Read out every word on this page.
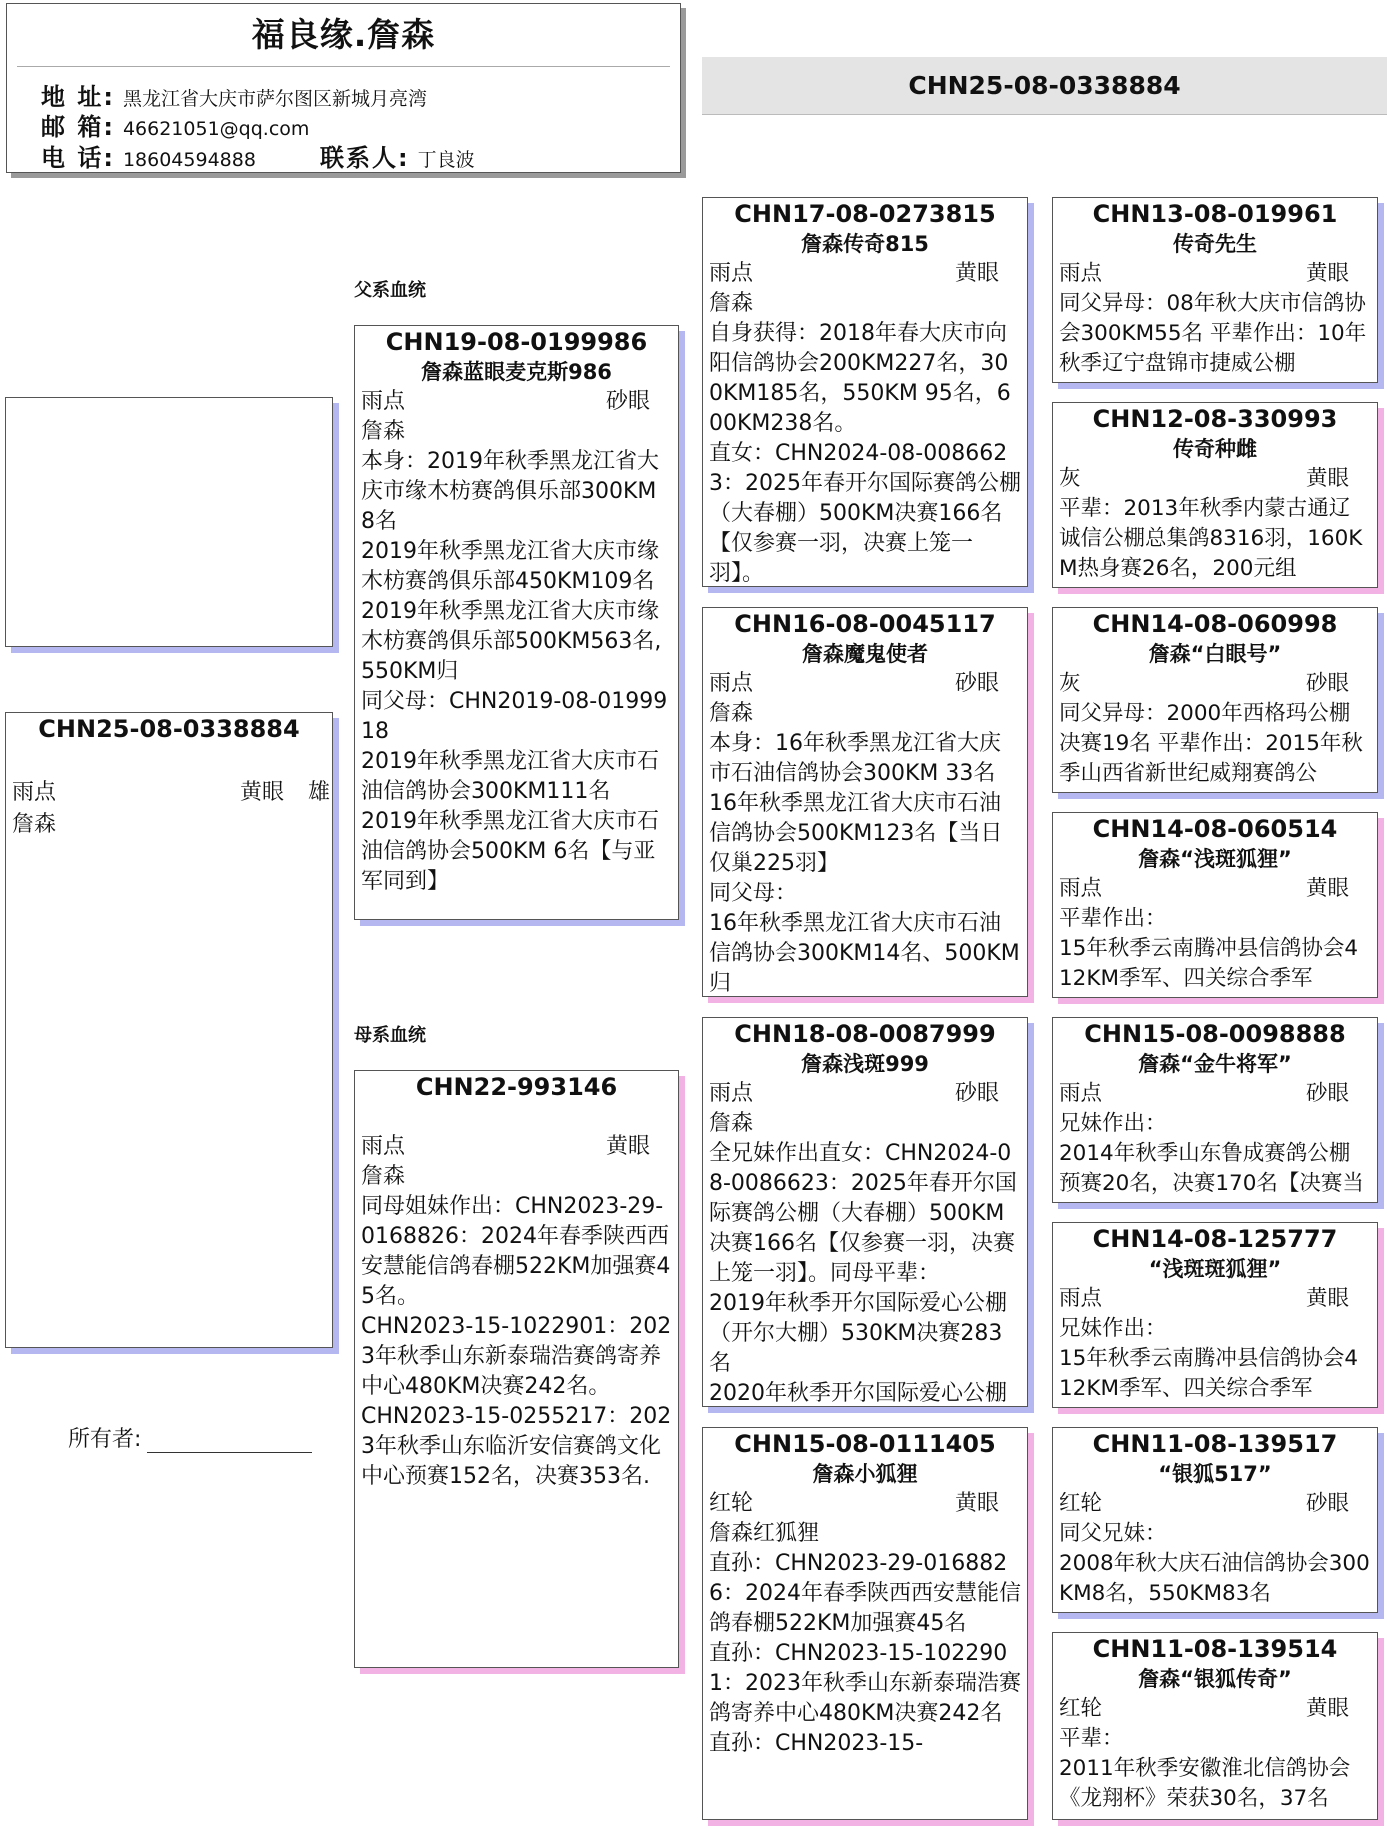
福良缘.詹森
地 址: 黑龙江省大庆市萨尔图区新城月亮湾
邮 箱: 46621051@qq.com
电 话: 18604594888	联系人: 丁良波
CHN25-08-0338884
CHN25-08-0338884
雨点	黄眼 雄
詹森
所有者:
父系血统
母系血统
CHN19-08-0199986
詹森蓝眼麦克斯986
雨点	砂眼
詹森
本身：2019年秋季黑龙江省大庆市缘木枋赛鸽俱乐部300KM 8名
2019年秋季黑龙江省大庆市缘木枋赛鸽俱乐部450KM109名
2019年秋季黑龙江省大庆市缘木枋赛鸽俱乐部500KM563名,550KM归
同父母：CHN2019-08-0199918
2019年秋季黑龙江省大庆市石油信鸽协会300KM111名
2019年秋季黑龙江省大庆市石油信鸽协会500KM 6名【与亚军同到】
CHN22-993146
雨点	黄眼
詹森
同母姐妹作出：CHN2023-29-0168826：2024年春季陕西西安慧能信鸽春棚522KM加强赛45名。
CHN2023-15-1022901：2023年秋季山东新泰瑞浩赛鸽寄养中心480KM决赛242名。
CHN2023-15-0255217：2023年秋季山东临沂安信赛鸽文化中心预赛152名，决赛353名.
CHN17-08-0273815
詹森传奇815
雨点	黄眼
詹森
自身获得：2018年春大庆市向阳信鸽协会200KM227名，300KM185名，550KM 95名，600KM238名。
直女：CHN2024-08-0086623：2025年春开尔国际赛鸽公棚（大春棚）500KM决赛166名【仅参赛一羽，决赛上笼一羽】。
CHN16-08-0045117
詹森魔鬼使者
雨点	砂眼
詹森
本身：16年秋季黑龙江省大庆市石油信鸽协会300KM 33名
16年秋季黑龙江省大庆市石油信鸽协会500KM123名【当日仅巢225羽】
同父母：
16年秋季黑龙江省大庆市石油信鸽协会300KM14名、500KM归
CHN18-08-0087999
詹森浅斑999
雨点	砂眼
詹森
全兄妹作出直女：CHN2024-08-0086623：2025年春开尔国际赛鸽公棚（大春棚）500KM决赛166名【仅参赛一羽，决赛上笼一羽】。同母平辈：
2019年秋季开尔国际爱心公棚（开尔大棚）530KM决赛283名
2020年秋季开尔国际爱心公棚
CHN15-08-0111405
詹森小狐狸
红轮	黄眼
詹森红狐狸
直孙：CHN2023-29-0168826：2024年春季陕西西安慧能信鸽春棚522KM加强赛45名
直孙：CHN2023-15-1022901：2023年秋季山东新泰瑞浩赛鸽寄养中心480KM决赛242名
直孙：CHN2023-15-
CHN13-08-019961
传奇先生
雨点	黄眼
同父异母：08年秋大庆市信鸽协会300KM55名 平辈作出：10年秋季辽宁盘锦市捷威公棚
CHN12-08-330993
传奇种雌
灰	黄眼
平辈：2013年秋季内蒙古通辽诚信公棚总集鸽8316羽，160KM热身赛26名，200元组
CHN14-08-060998
詹森“白眼号”
灰	砂眼
同父异母：2000年西格玛公棚决赛19名 平辈作出：2015年秋季山西省新世纪威翔赛鸽公
CHN14-08-060514
詹森“浅斑狐狸”
雨点	黄眼
平辈作出：
15年秋季云南腾冲县信鸽协会412KM季军、四关综合季军
CHN15-08-0098888
詹森“金牛将军”
雨点	砂眼
兄妹作出：
2014年秋季山东鲁成赛鸽公棚预赛20名，决赛170名【决赛当
CHN14-08-125777
“浅斑斑狐狸”
雨点	黄眼
兄妹作出：
15年秋季云南腾冲县信鸽协会412KM季军、四关综合季军
CHN11-08-139517
“银狐517”
红轮	砂眼
同父兄妹：
2008年秋大庆石油信鸽协会300KM8名，550KM83名
CHN11-08-139514
詹森“银狐传奇”
红轮	黄眼
平辈：
2011年秋季安徽淮北信鸽协会《龙翔杯》荣获30名，37名
